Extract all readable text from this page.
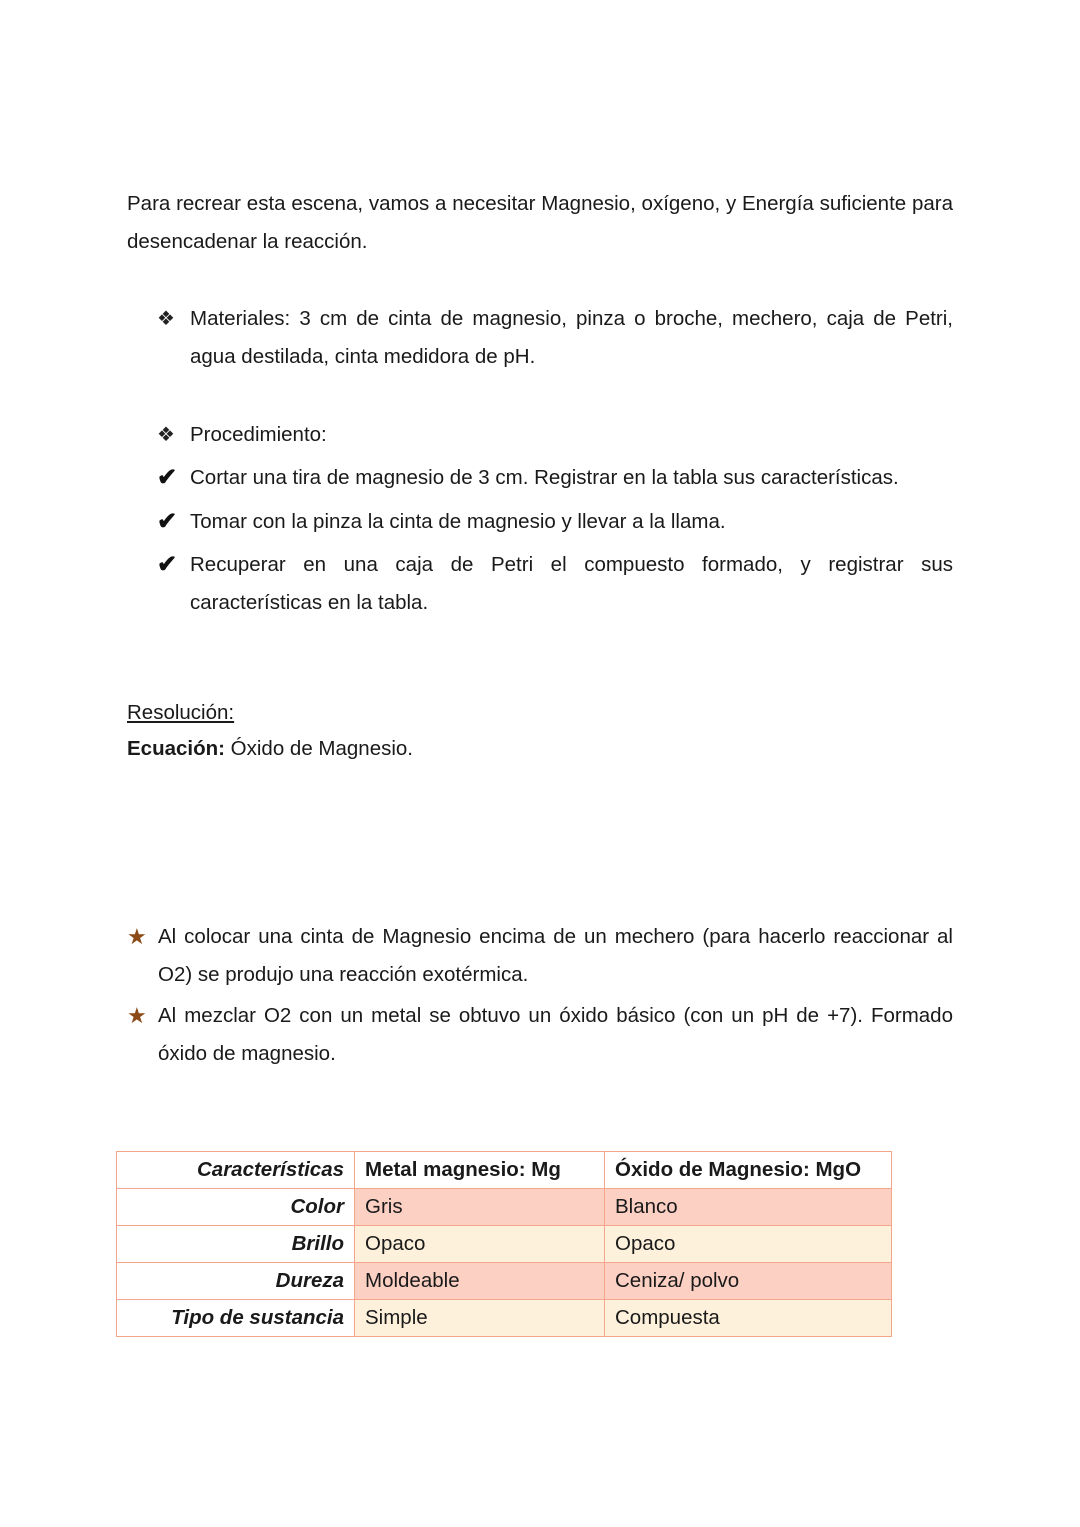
Para recrear esta escena, vamos a necesitar Magnesio, oxígeno, y Energía suficiente para desencadenar la reacción.
❖ Materiales: 3 cm de cinta de magnesio, pinza o broche, mechero, caja de Petri, agua destilada, cinta medidora de pH.
❖ Procedimiento:
✔ Cortar una tira de magnesio de 3 cm. Registrar en la tabla sus características.
✔ Tomar con la pinza la cinta de magnesio y llevar a la llama.
✔ Recuperar en una caja de Petri el compuesto formado, y registrar sus características en la tabla.
Resolución:
Ecuación: Óxido de Magnesio.
★ Al colocar una cinta de Magnesio encima de un mechero (para hacerlo reaccionar al O2) se produjo una reacción exotérmica.
★ Al mezclar O2 con un metal se obtuvo un óxido básico (con un pH de +7). Formado óxido de magnesio.
Características	Metal magnesio: Mg	Óxido de Magnesio: MgO
Color	Gris	Blanco
Brillo	Opaco	Opaco
Dureza	Moldeable	Ceniza/ polvo
Tipo de sustancia	Simple	Compuesta
